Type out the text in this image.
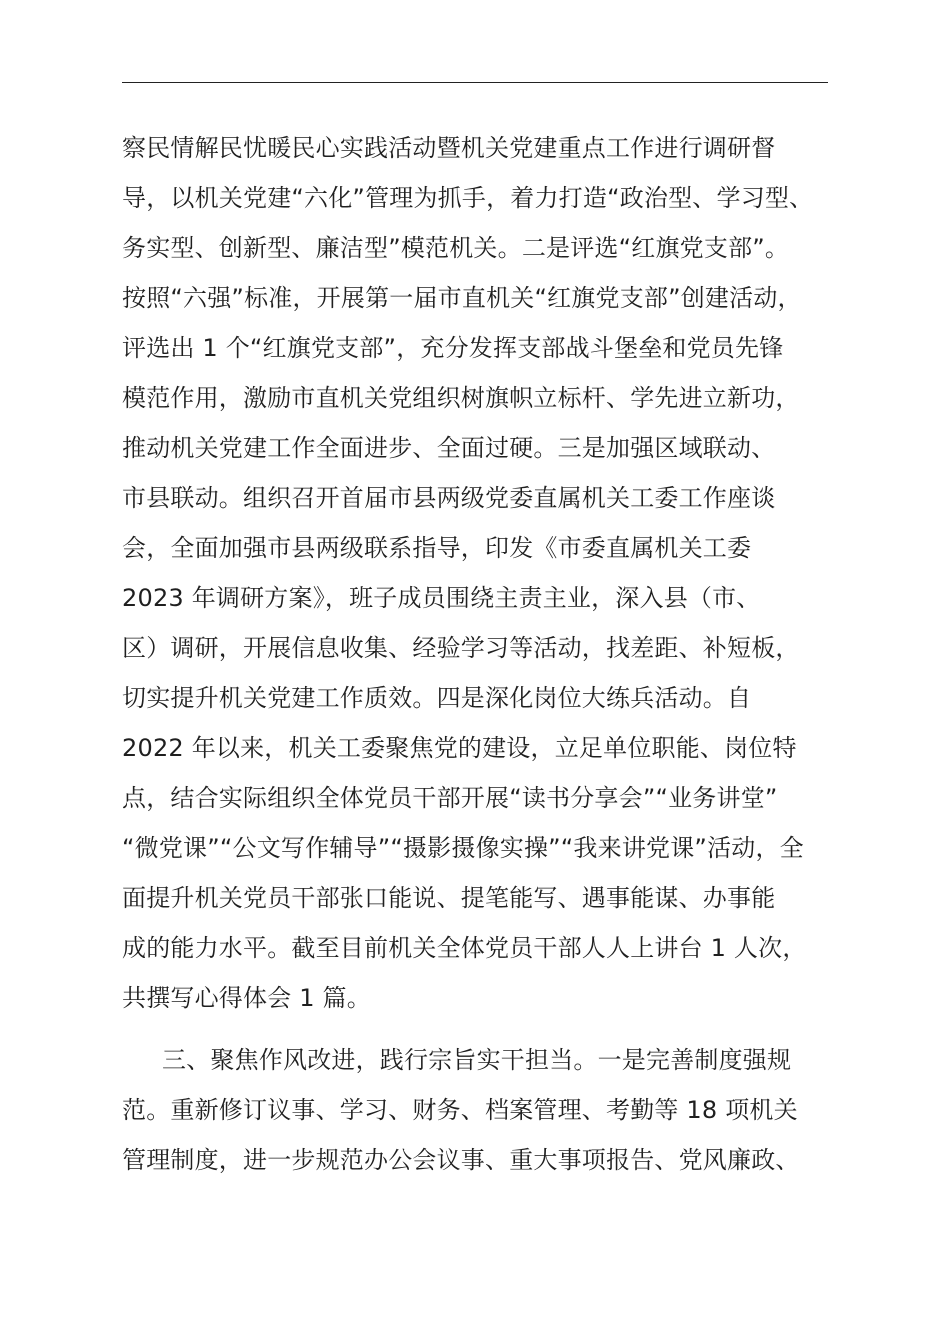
察民情解民忧暖民心实践活动暨机关党建重点工作进行调研督
导，以机关党建“六化”管理为抓手，着力打造“政治型、学习型、
务实型、创新型、廉洁型”模范机关。二是评选“红旗党支部”。
按照“六强”标准，开展第一届市直机关“红旗党支部”创建活动，
评选出 1 个“红旗党支部”，充分发挥支部战斗堡垒和党员先锋
模范作用，激励市直机关党组织树旗帜立标杆、学先进立新功，
推动机关党建工作全面进步、全面过硬。三是加强区域联动、
市县联动。组织召开首届市县两级党委直属机关工委工作座谈
会，全面加强市县两级联系指导，印发《市委直属机关工委
2023 年调研方案》，班子成员围绕主责主业，深入县（市、
区）调研，开展信息收集、经验学习等活动，找差距、补短板，
切实提升机关党建工作质效。四是深化岗位大练兵活动。自
2022 年以来，机关工委聚焦党的建设，立足单位职能、岗位特
点，结合实际组织全体党员干部开展“读书分享会”“业务讲堂”
“微党课”“公文写作辅导”“摄影摄像实操”“我来讲党课”活动，全
面提升机关党员干部张口能说、提笔能写、遇事能谋、办事能
成的能力水平。截至目前机关全体党员干部人人上讲台 1 人次，
共撰写心得体会 1 篇。
三、聚焦作风改进，践行宗旨实干担当。一是完善制度强规
范。重新修订议事、学习、财务、档案管理、考勤等 18 项机关
管理制度，进一步规范办公会议事、重大事项报告、党风廉政、
